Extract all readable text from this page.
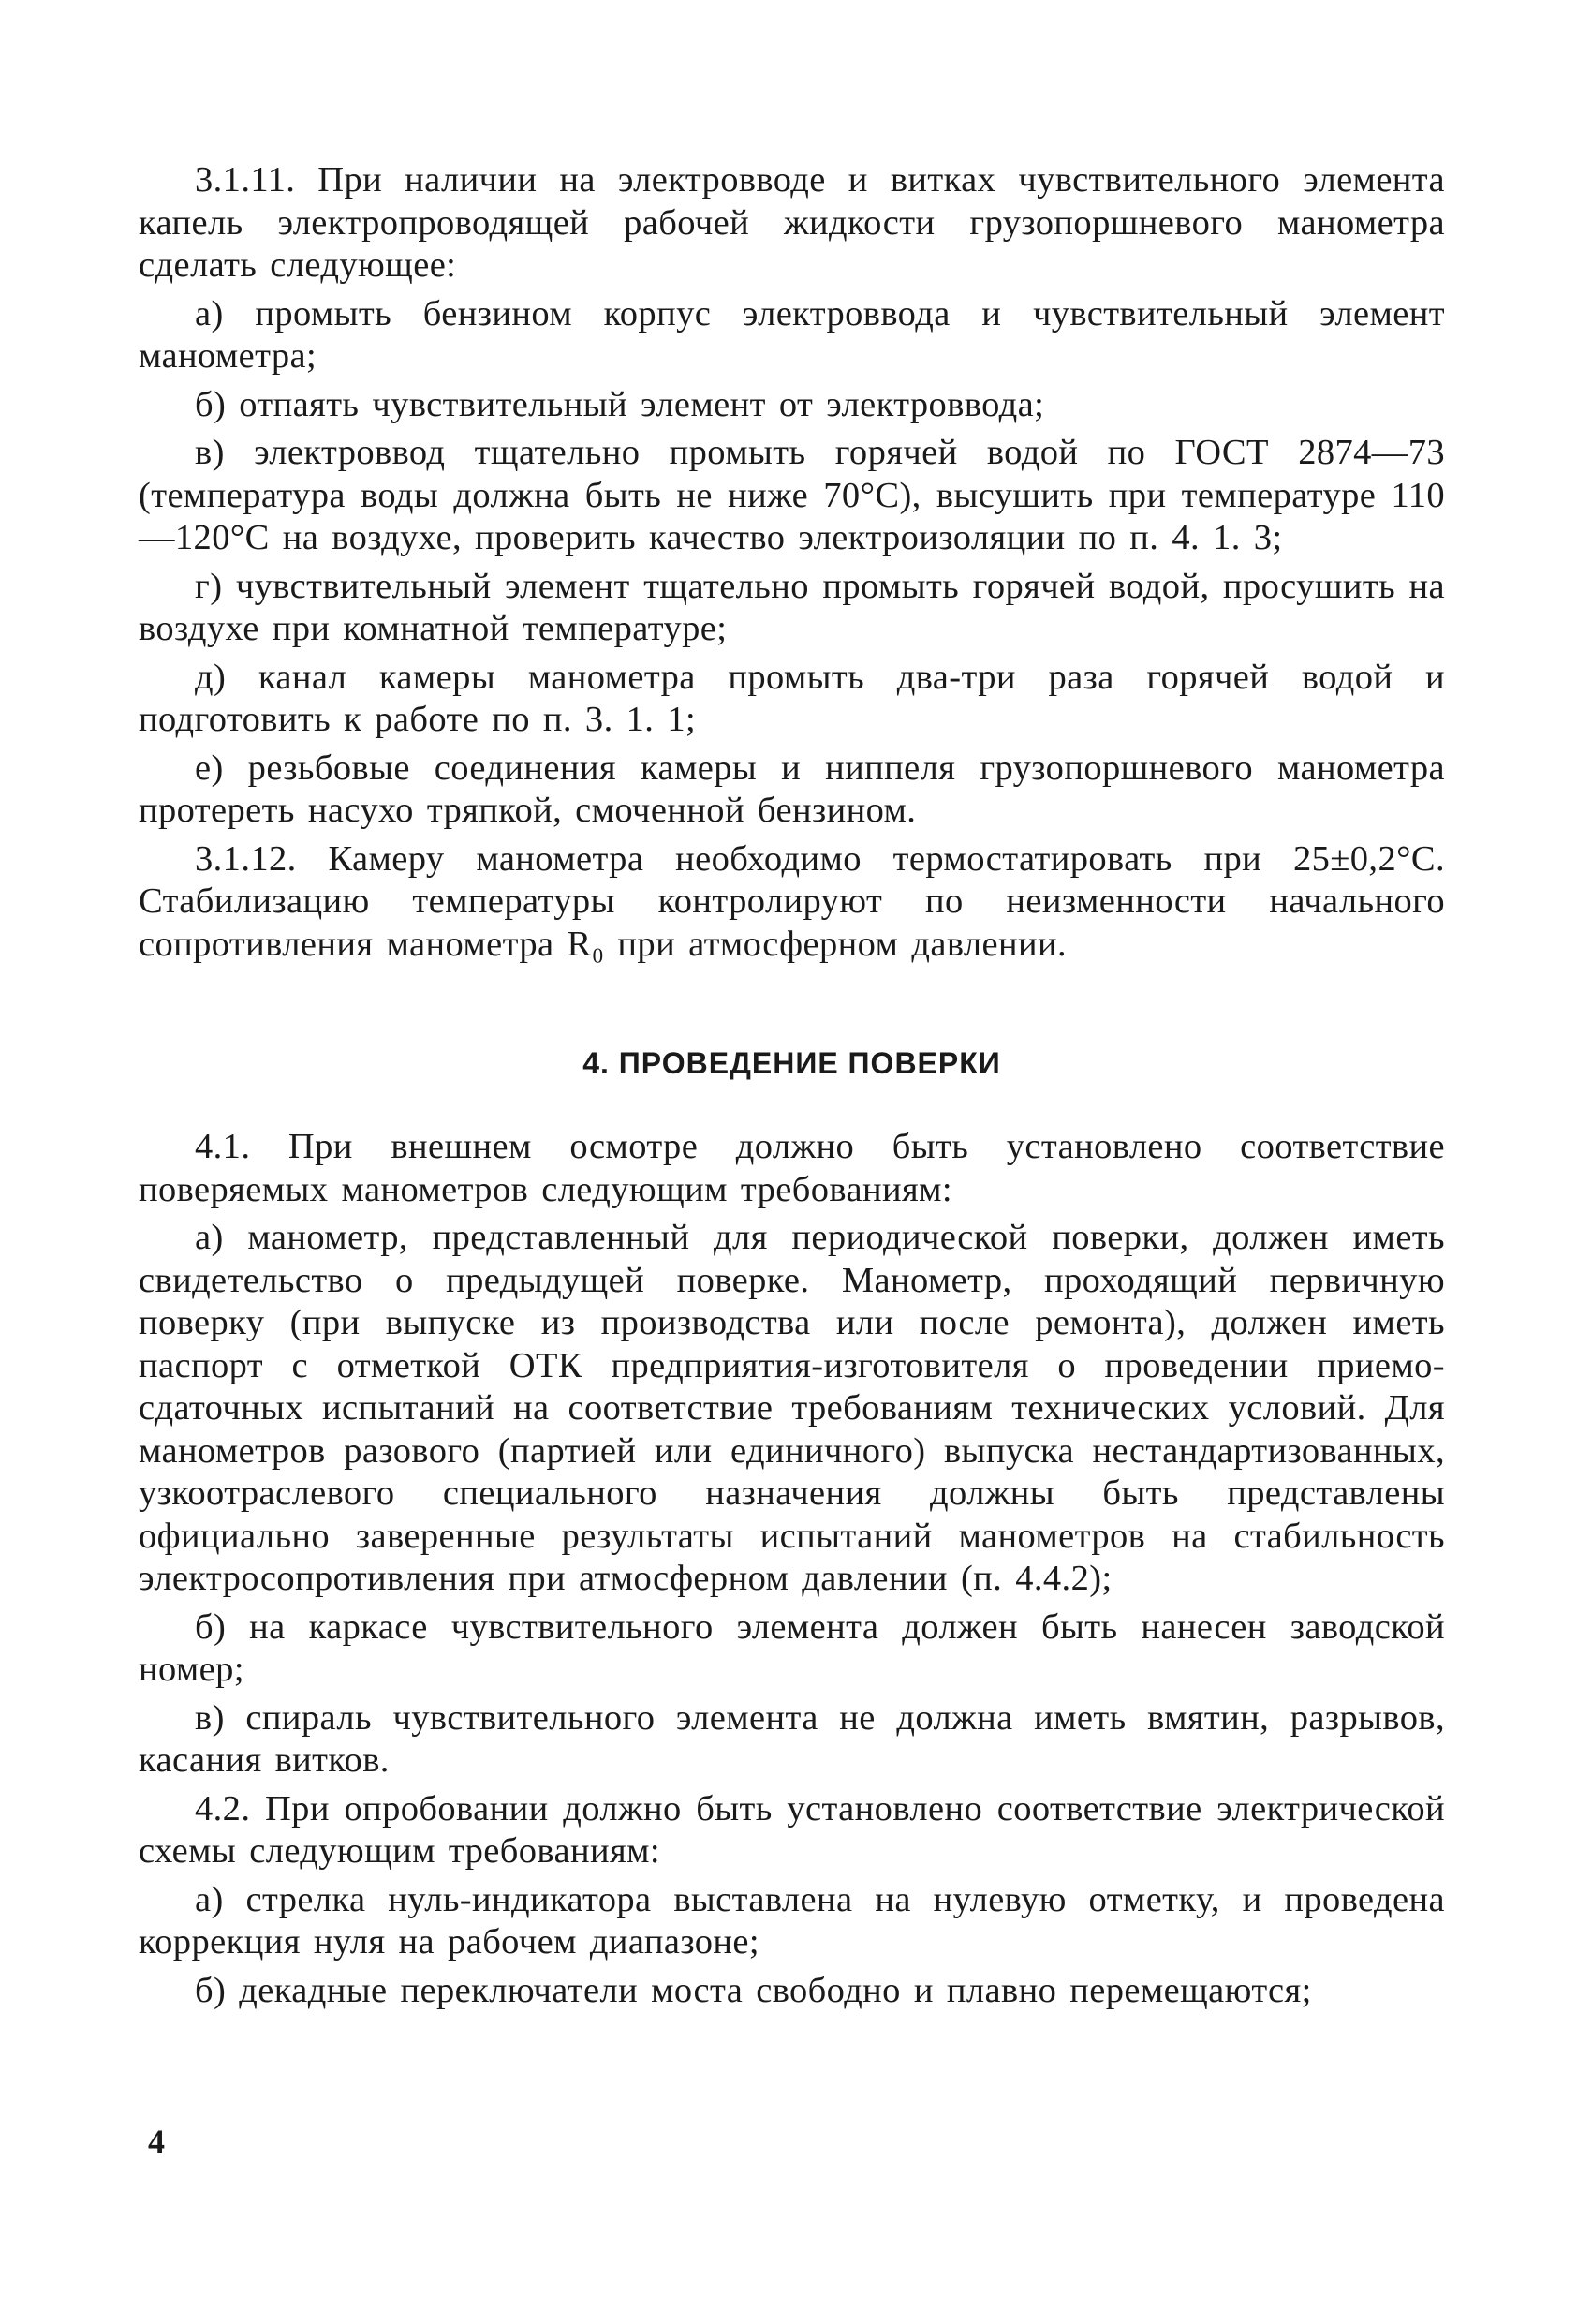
3.1.11. При наличии на электровводе и витках чувствительного элемента капель электропроводящей рабочей жидкости грузопоршневого манометра сделать следующее:

а) промыть бензином корпус электроввода и чувствительный элемент манометра;

б) отпаять чувствительный элемент от электроввода;

в) электроввод тщательно промыть горячей водой по ГОСТ 2874—73 (температура воды должна быть не ниже 70°С), высушить при температуре 110—120°С на воздухе, проверить качество электроизоляции по п. 4. 1. 3;

г) чувствительный элемент тщательно промыть горячей водой, просушить на воздухе при комнатной температуре;

д) канал камеры манометра промыть два-три раза горячей водой и подготовить к работе по п. 3. 1. 1;

е) резьбовые соединения камеры и ниппеля грузопоршневого манометра протереть насухо тряпкой, смоченной бензином.

3.1.12. Камеру манометра необходимо термостатировать при 25±0,2°С. Стабилизацию температуры контролируют по неизменности начального сопротивления манометра R₀ при атмосферном давлении.

4. ПРОВЕДЕНИЕ ПОВЕРКИ

4.1. При внешнем осмотре должно быть установлено соответствие поверяемых манометров следующим требованиям:

а) манометр, представленный для периодической поверки, должен иметь свидетельство о предыдущей поверке. Манометр, проходящий первичную поверку (при выпуске из производства или после ремонта), должен иметь паспорт с отметкой ОТК предприятия-изготовителя о проведении приемо-сдаточных испытаний на соответствие требованиям технических условий. Для манометров разового (партией или единичного) выпуска нестандартизованных, узкоотраслевого специального назначения должны быть представлены официально заверенные результаты испытаний манометров на стабильность электросопротивления при атмосферном давлении (п. 4.4.2);

б) на каркасе чувствительного элемента должен быть нанесен заводской номер;

в) спираль чувствительного элемента не должна иметь вмятин, разрывов, касания витков.

4.2. При опробовании должно быть установлено соответствие электрической схемы следующим требованиям:

а) стрелка нуль-индикатора выставлена на нулевую отметку, и проведена коррекция нуля на рабочем диапазоне;

б) декадные переключатели моста свободно и плавно перемещаются;

4
